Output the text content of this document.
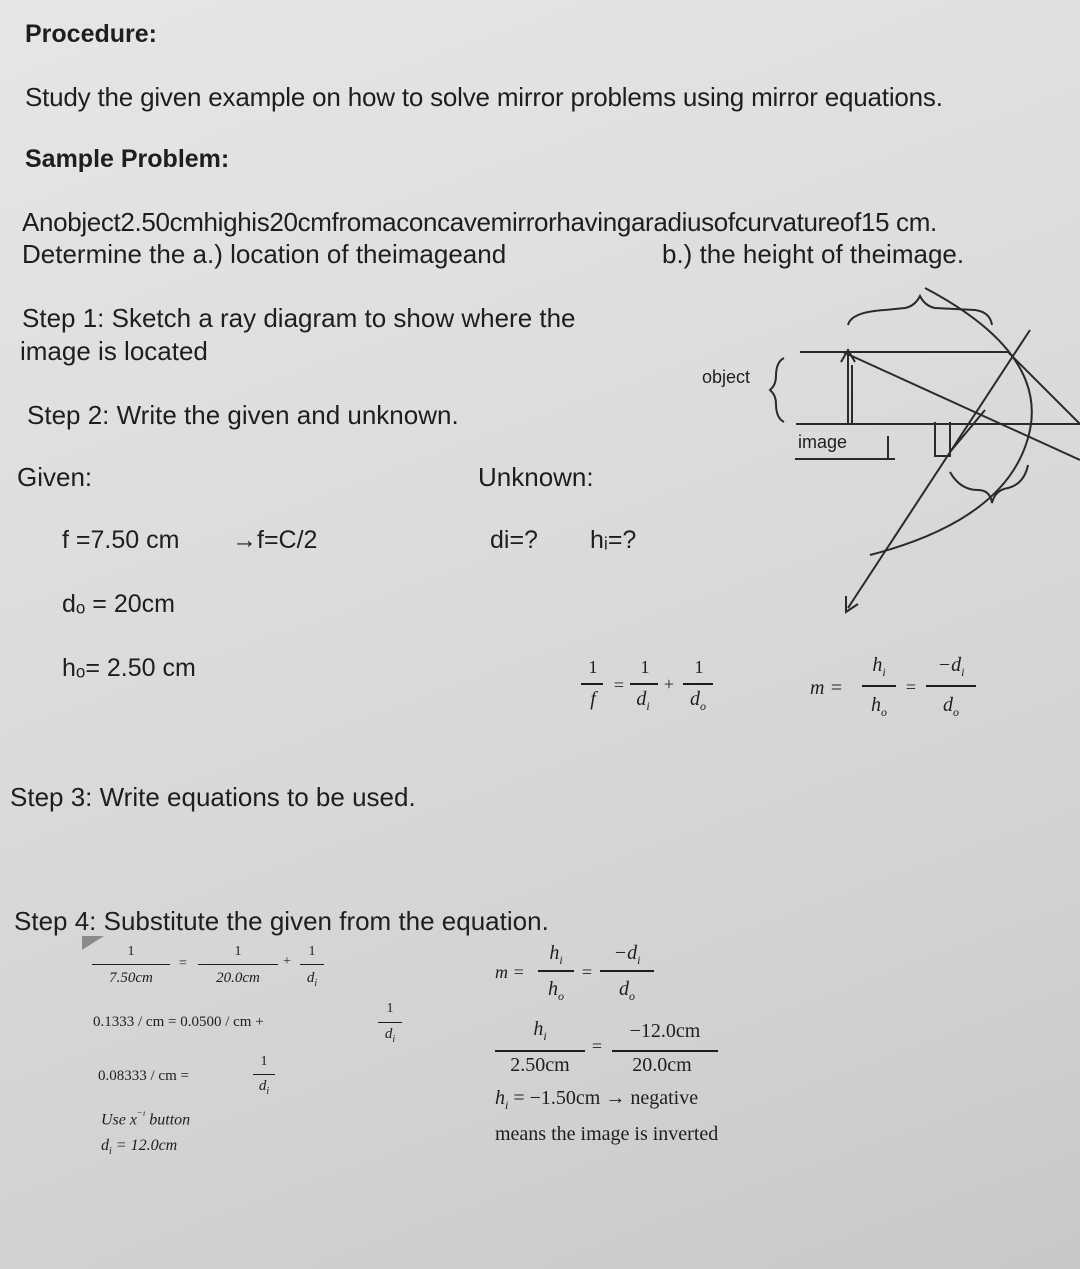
Procedure:
Study the given example on how to solve mirror problems using mirror equations.
Sample Problem:
Anobject2.50cmhighis20cmfromaconcavemirrorhavingaradiusofcurvatureof15 cm.
Determine the a.) location of theimageand	b.) the height of theimage.
Step 1: Sketch a ray diagram to show where the
image is located
Step 2: Write the given and unknown.
Given:	Unknown:
f =7.50 cm →f=C/2	di=? hᵢ=?
dₒ = 20cm
hₒ= 2.50 cm
Step 3: Write equations to be used.
Step 4: Substitute the given from the equation.
object
image
1
f
=
1
$d_i$
+
1
$d_o$
m =
$h_i$
$h_o$
=
$-d_i$
$d_o$
1
7.50cm
=
1
20.0cm
+
1
$d_i$
0.1333 / cm = 0.0500 / cm +
1
$d_i$
0.08333 / cm =
1
$d_i$
Use $x^{^{-1}}$ button
$d_i = 12.0cm$
m =
$h_i$
$h_o$
=
$-d_i$
$d_o$
$h_i$
2.50cm
=
−12.0cm
20.0cm
$h_i = -1.50cm$ → negative
means the image is inverted
